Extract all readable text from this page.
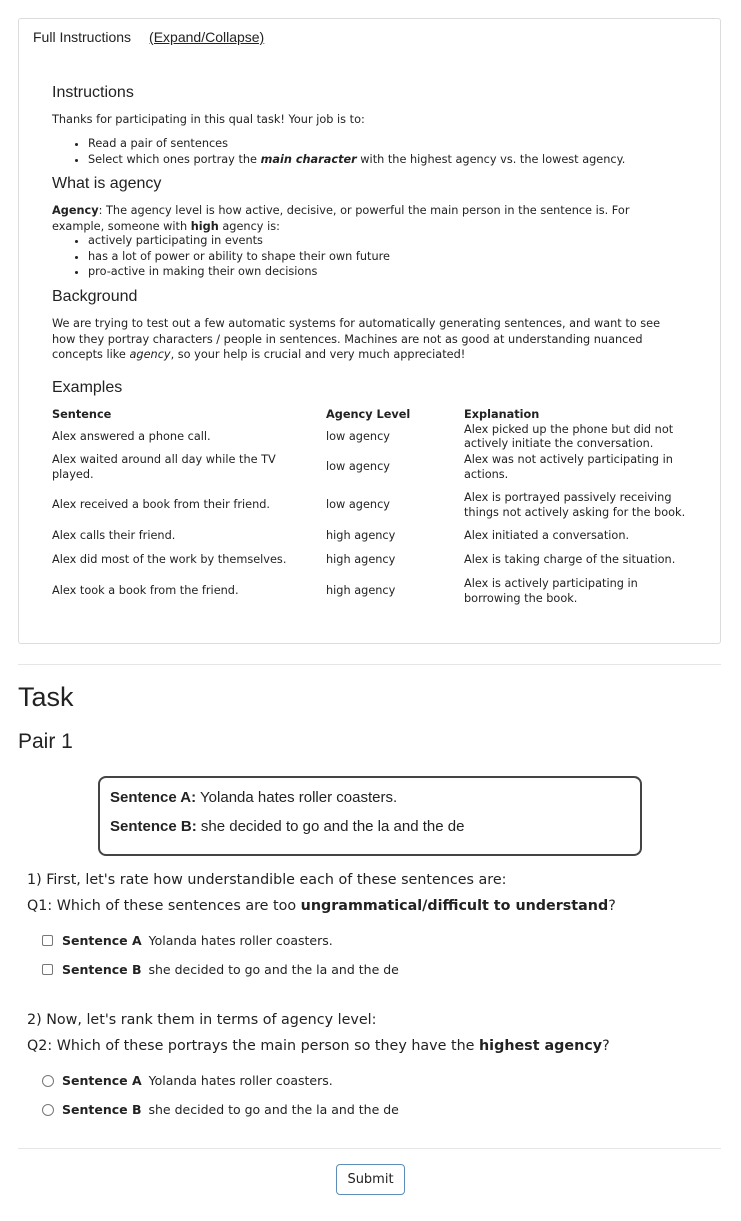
Full Instructions (Expand/Collapse)
Instructions

Thanks for participating in this qual task! Your job is to:

• Read a pair of sentences
• Select which ones portray the main character with the highest agency vs. the lowest agency.
What is agency

Agency: The agency level is how active, decisive, or powerful the main person in the sentence is. For example, someone with high agency is:

• actively participating in events
• has a lot of power or ability to shape their own future
• pro-active in making their own decisions
Background

We are trying to test out a few automatic systems for automatically generating sentences, and want to see how they portray characters / people in sentences. Machines are not as good at understanding nuanced concepts like agency, so your help is crucial and very much appreciated!

Examples
Sentence	Agency Level	Explanation
Alex answered a phone call.	low agency	Alex picked up the phone but did not actively initiate the conversation.
Alex waited around all day while the TV played.	low agency	Alex was not actively participating in actions.
Alex received a book from their friend.	low agency	Alex is portrayed passively receiving things not actively asking for the book.
Alex calls their friend.	high agency	Alex initiated a conversation.
Alex did most of the work by themselves.	high agency	Alex is taking charge of the situation.
Alex took a book from the friend.	high agency	Alex is actively participating in borrowing the book.
Task
Pair 1
Sentence A: Yolanda hates roller coasters.
Sentence B: she decided to go and the la and the de

1) First, let's rate how understandible each of these sentences are:

Q1: Which of these sentences are too ungrammatical/difficult to understand?

Sentence A Yolanda hates roller coasters.
Sentence B she decided to go and the la and the de

2) Now, let's rank them in terms of agency level:

Q2: Which of these portrays the main person so they have the highest agency?

Sentence A Yolanda hates roller coasters.
Sentence B she decided to go and the la and the de
Submit
